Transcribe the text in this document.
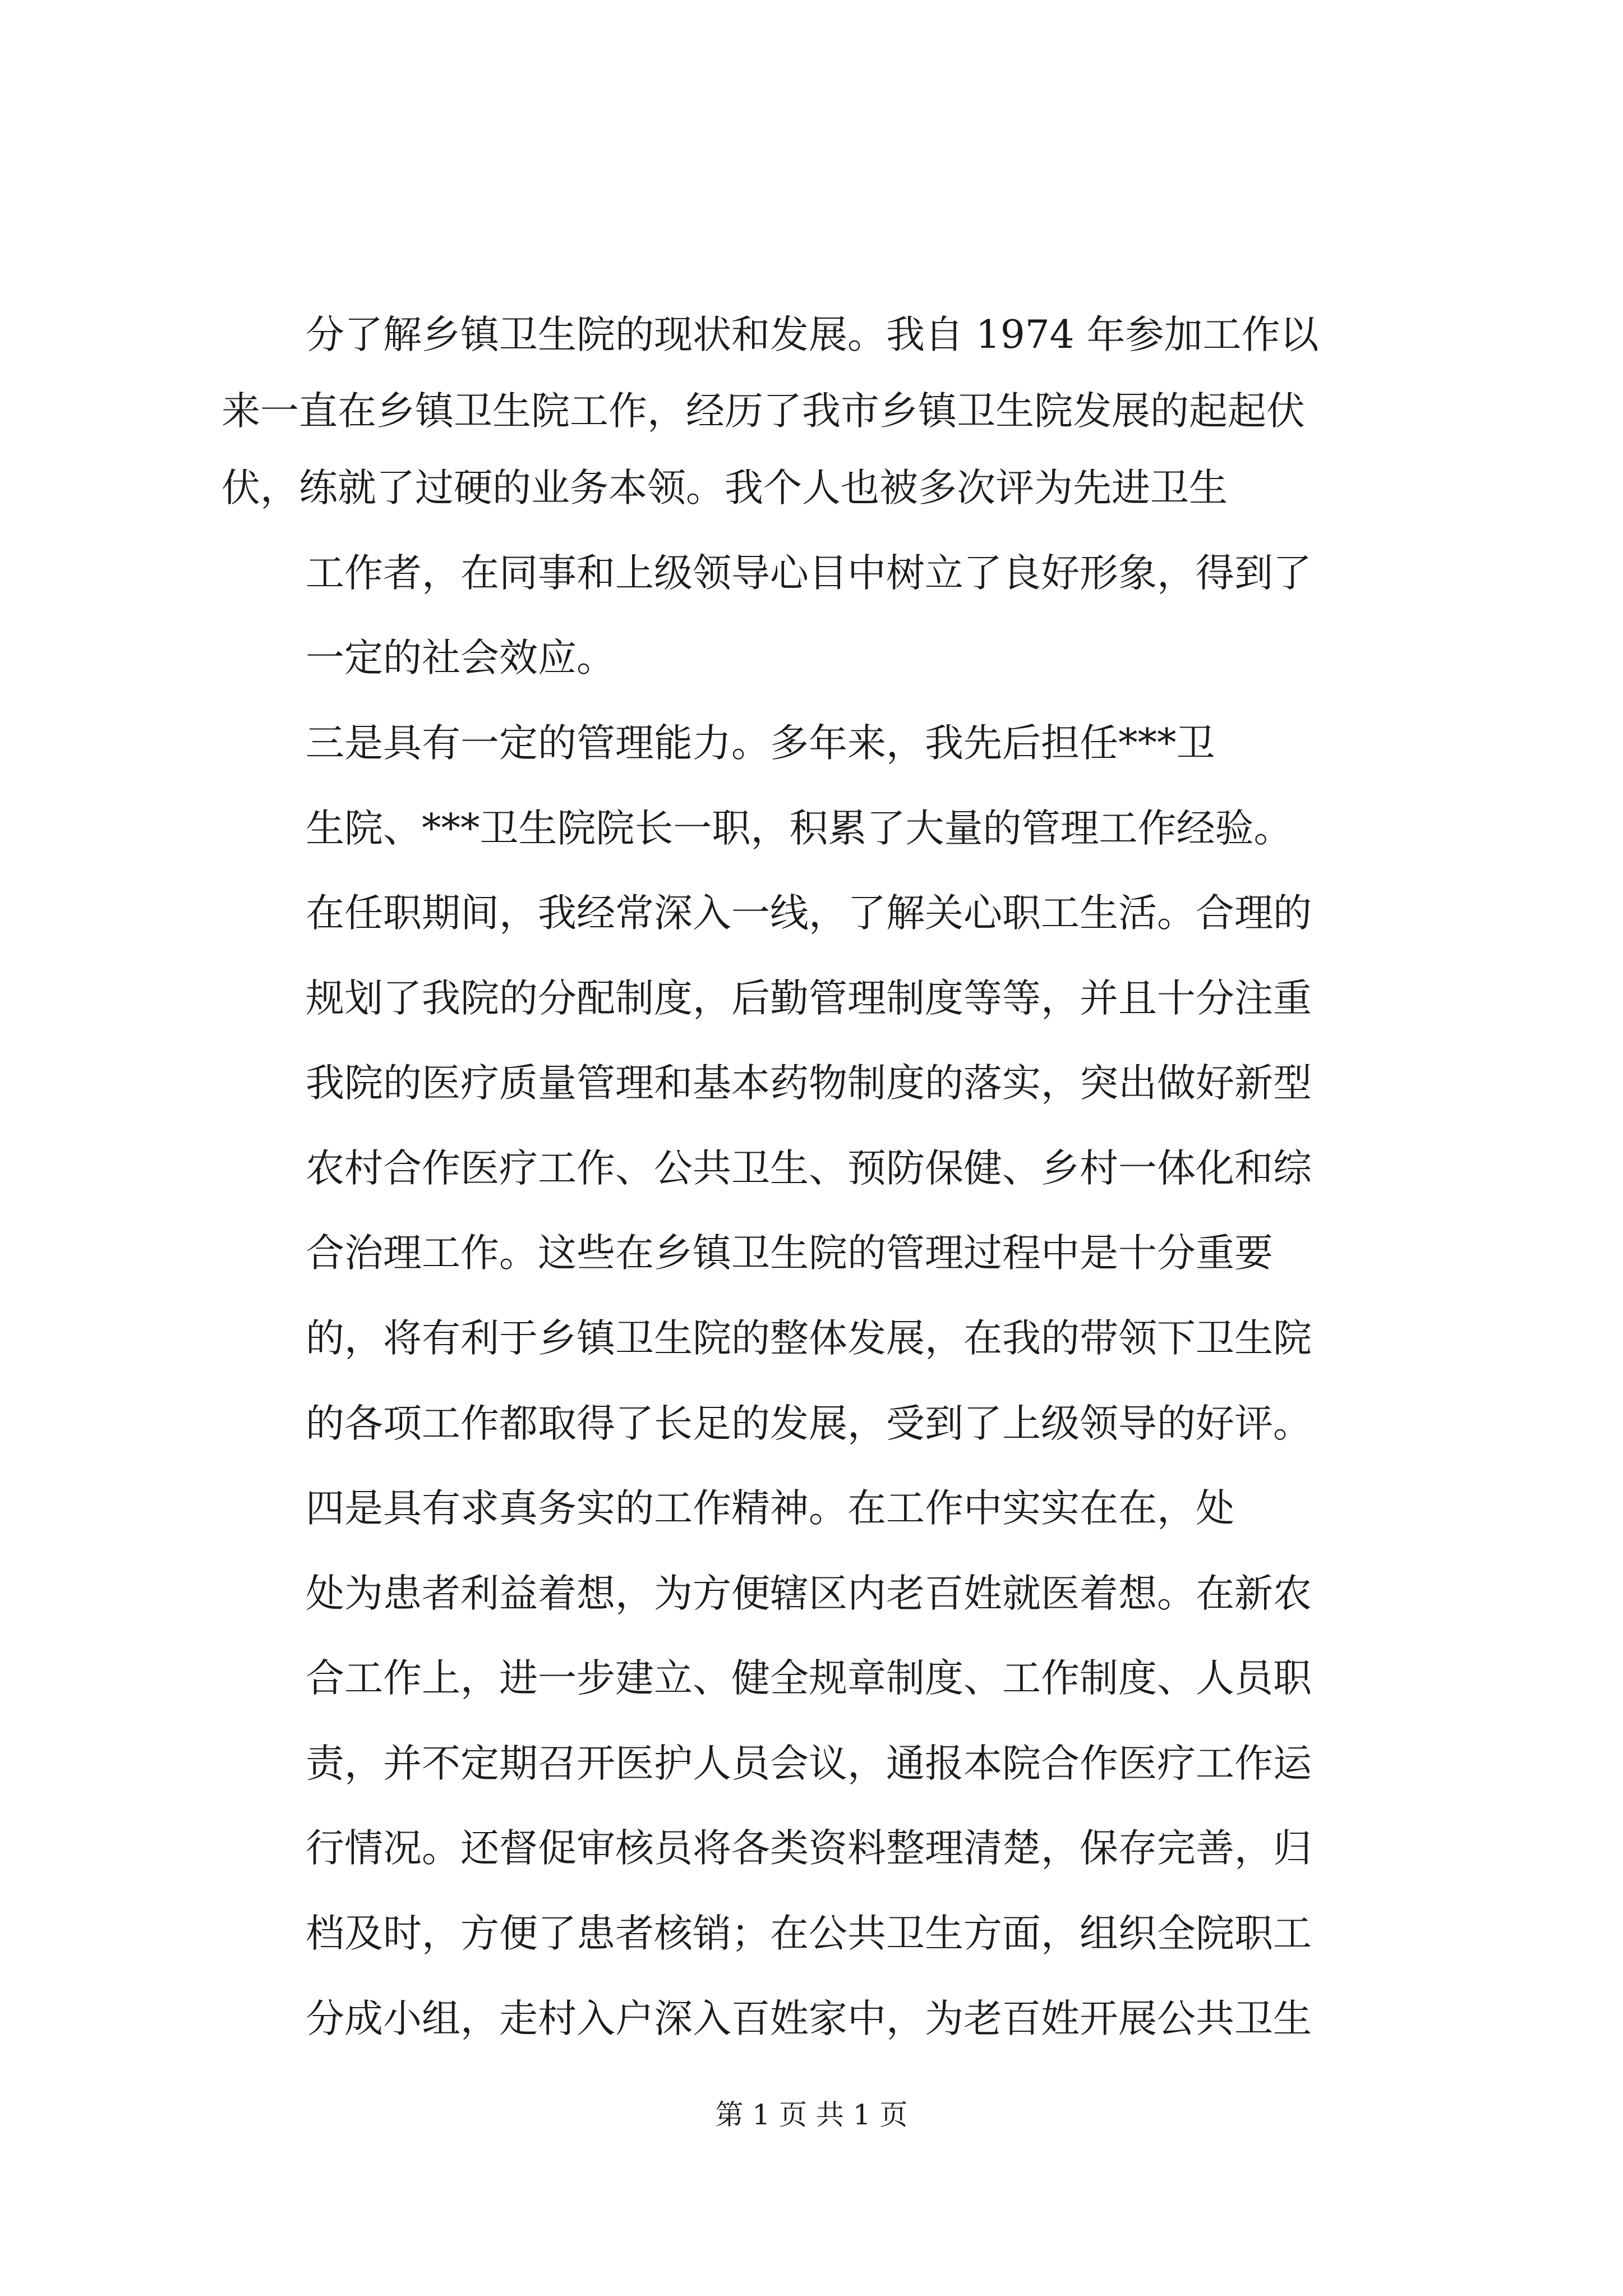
分了解乡镇卫生院的现状和发展。我自 1974 年参加工作以
来一直在乡镇卫生院工作，经历了我市乡镇卫生院发展的起起伏
伏，练就了过硬的业务本领。我个人也被多次评为先进卫生
工作者，在同事和上级领导心目中树立了良好形象，得到了
一定的社会效应。
三是具有一定的管理能力。多年来，我先后担任***卫
生院、***卫生院院长一职，积累了大量的管理工作经验。
在任职期间，我经常深入一线，了解关心职工生活。合理的
规划了我院的分配制度，后勤管理制度等等，并且十分注重
我院的医疗质量管理和基本药物制度的落实，突出做好新型
农村合作医疗工作、公共卫生、预防保健、乡村一体化和综
合治理工作。这些在乡镇卫生院的管理过程中是十分重要
的，将有利于乡镇卫生院的整体发展，在我的带领下卫生院
的各项工作都取得了长足的发展，受到了上级领导的好评。
四是具有求真务实的工作精神。在工作中实实在在，处
处为患者利益着想，为方便辖区内老百姓就医着想。在新农
合工作上，进一步建立、健全规章制度、工作制度、人员职
责，并不定期召开医护人员会议，通报本院合作医疗工作运
行情况。还督促审核员将各类资料整理清楚，保存完善，归
档及时，方便了患者核销；在公共卫生方面，组织全院职工
分成小组，走村入户深入百姓家中，为老百姓开展公共卫生
第 1 页 共 1 页
